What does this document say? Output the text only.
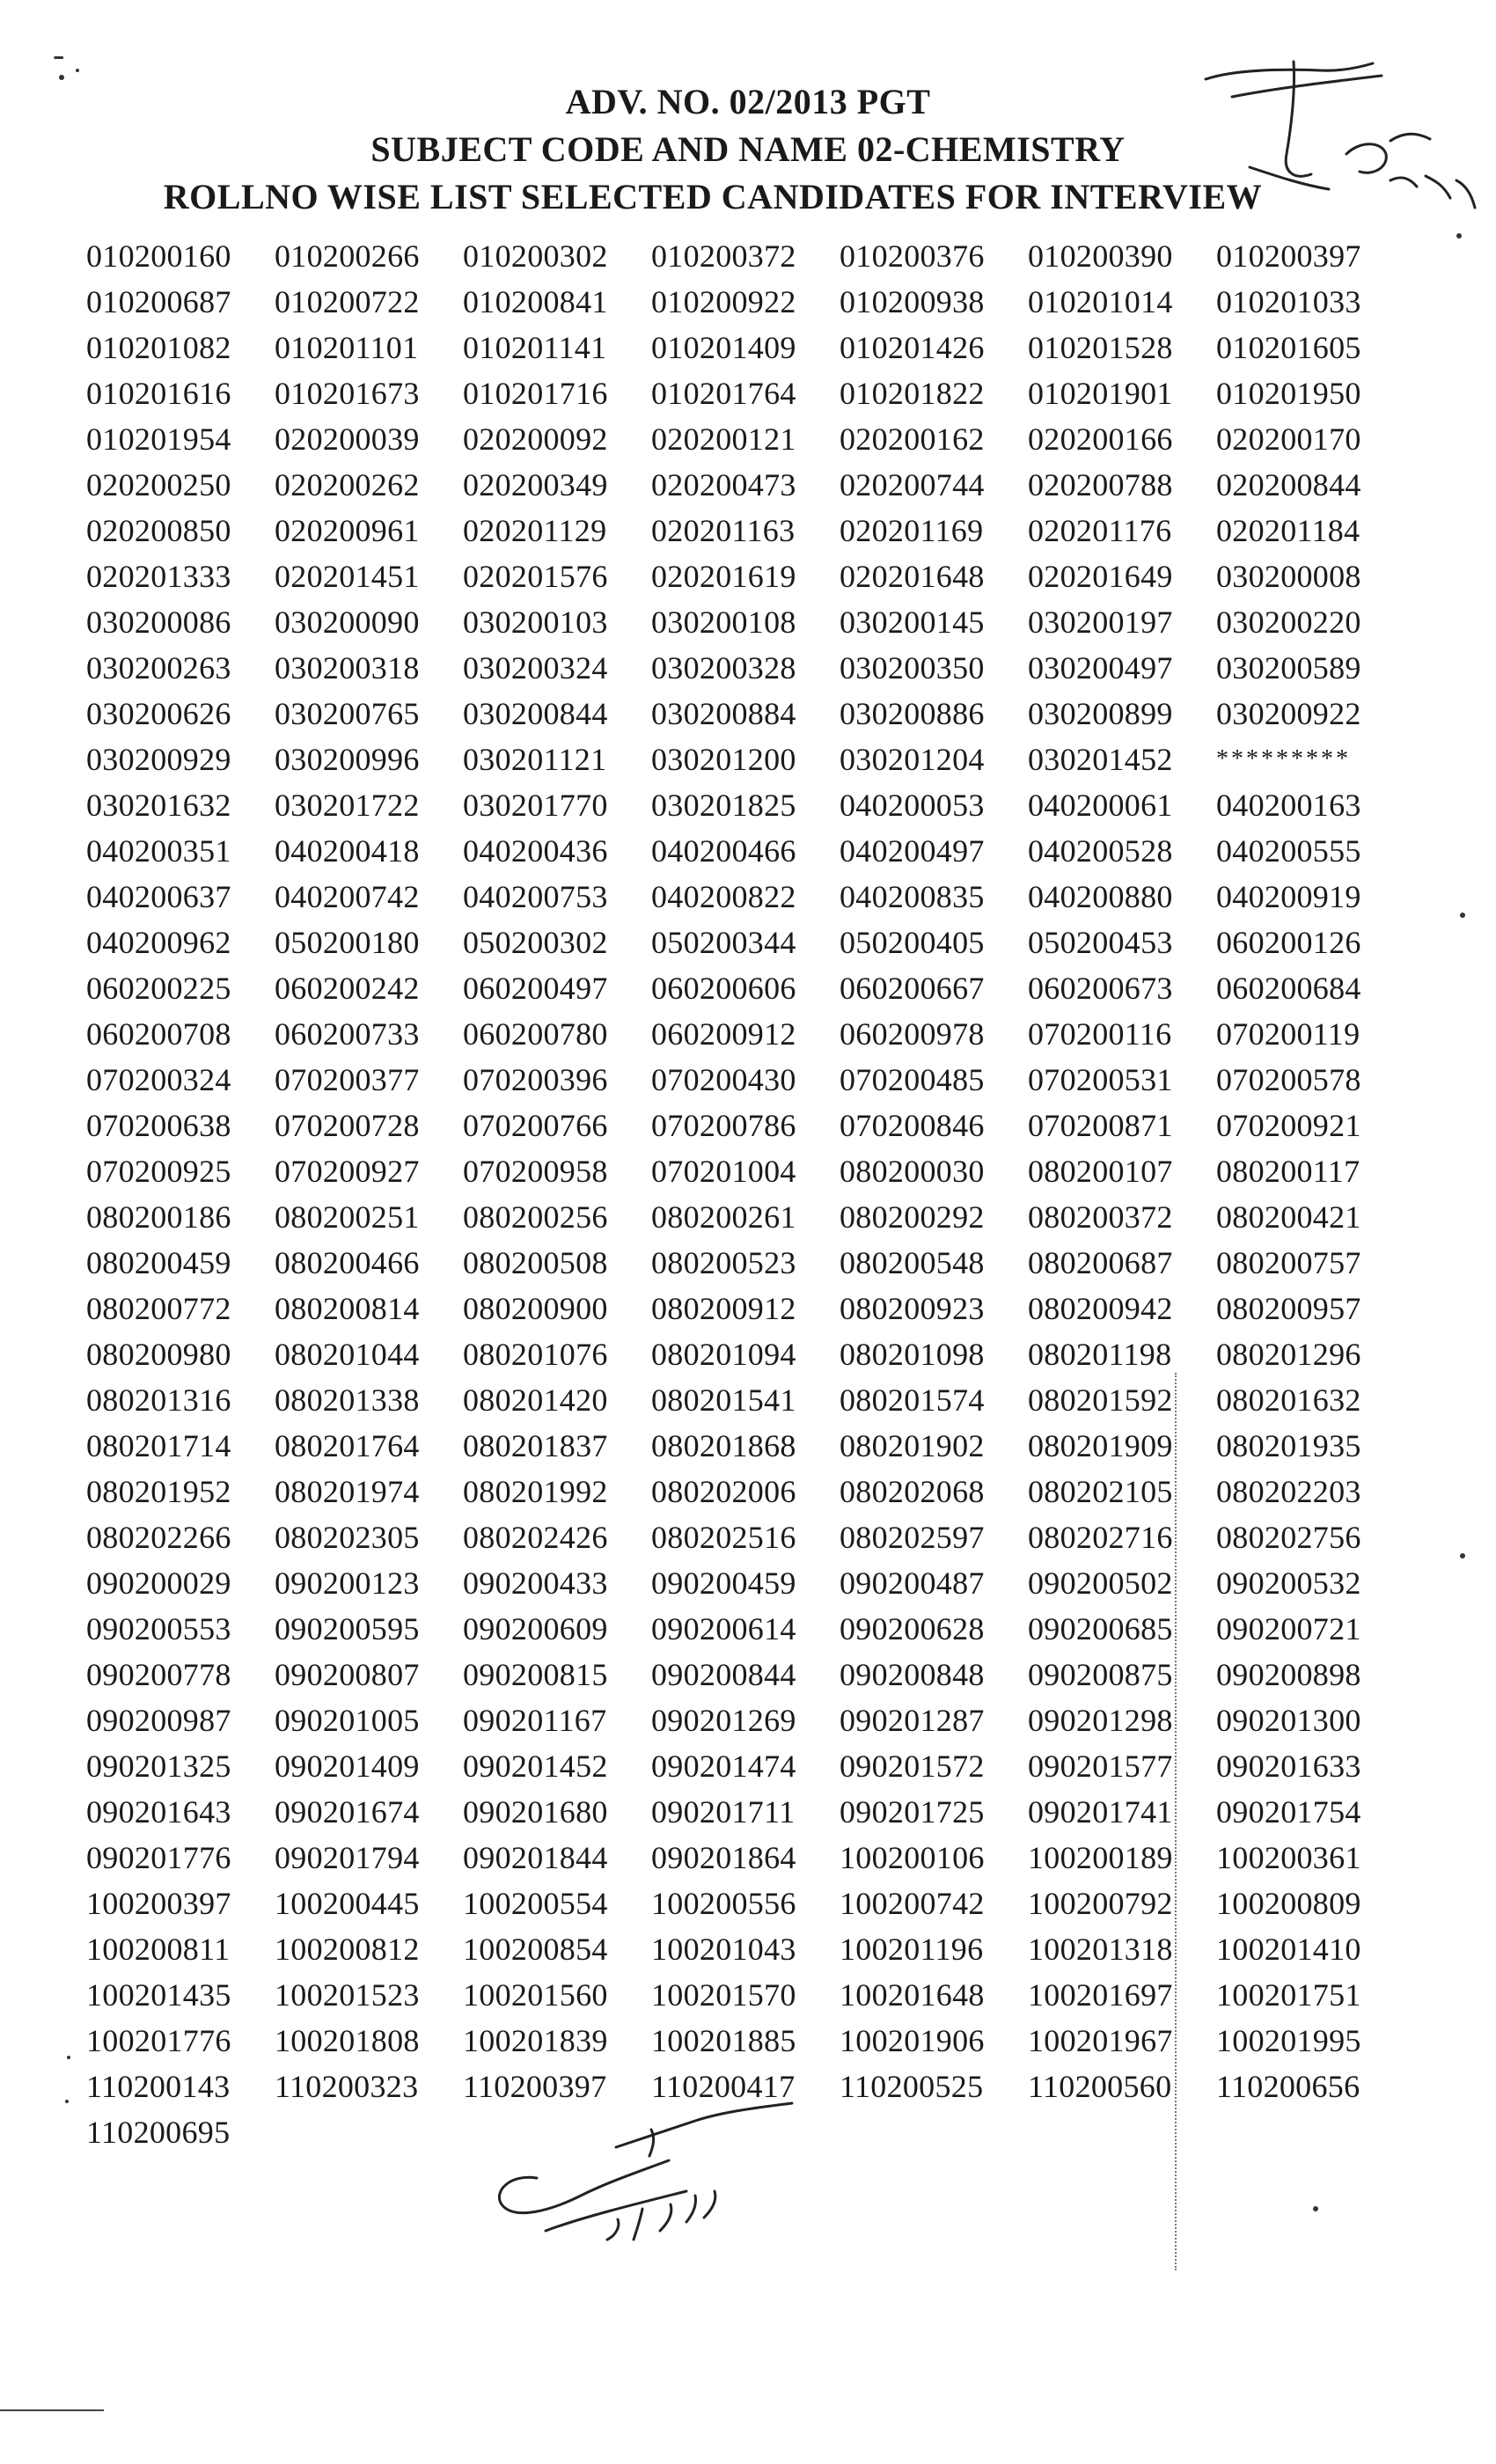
ADV. NO. 02/2013 PGT
SUBJECT CODE AND NAME 02-CHEMISTRY
ROLLNO WISE LIST SELECTED CANDIDATES FOR INTERVIEW
010200160	010200266	010200302	010200372	010200376	010200390	010200397
010200687	010200722	010200841	010200922	010200938	010201014	010201033
010201082	010201101	010201141	010201409	010201426	010201528	010201605
010201616	010201673	010201716	010201764	010201822	010201901	010201950
010201954	020200039	020200092	020200121	020200162	020200166	020200170
020200250	020200262	020200349	020200473	020200744	020200788	020200844
020200850	020200961	020201129	020201163	020201169	020201176	020201184
020201333	020201451	020201576	020201619	020201648	020201649	030200008
030200086	030200090	030200103	030200108	030200145	030200197	030200220
030200263	030200318	030200324	030200328	030200350	030200497	030200589
030200626	030200765	030200844	030200884	030200886	030200899	030200922
030200929	030200996	030201121	030201200	030201204	030201452	*********
030201632	030201722	030201770	030201825	040200053	040200061	040200163
040200351	040200418	040200436	040200466	040200497	040200528	040200555
040200637	040200742	040200753	040200822	040200835	040200880	040200919
040200962	050200180	050200302	050200344	050200405	050200453	060200126
060200225	060200242	060200497	060200606	060200667	060200673	060200684
060200708	060200733	060200780	060200912	060200978	070200116	070200119
070200324	070200377	070200396	070200430	070200485	070200531	070200578
070200638	070200728	070200766	070200786	070200846	070200871	070200921
070200925	070200927	070200958	070201004	080200030	080200107	080200117
080200186	080200251	080200256	080200261	080200292	080200372	080200421
080200459	080200466	080200508	080200523	080200548	080200687	080200757
080200772	080200814	080200900	080200912	080200923	080200942	080200957
080200980	080201044	080201076	080201094	080201098	080201198	080201296
080201316	080201338	080201420	080201541	080201574	080201592	080201632
080201714	080201764	080201837	080201868	080201902	080201909	080201935
080201952	080201974	080201992	080202006	080202068	080202105	080202203
080202266	080202305	080202426	080202516	080202597	080202716	080202756
090200029	090200123	090200433	090200459	090200487	090200502	090200532
090200553	090200595	090200609	090200614	090200628	090200685	090200721
090200778	090200807	090200815	090200844	090200848	090200875	090200898
090200987	090201005	090201167	090201269	090201287	090201298	090201300
090201325	090201409	090201452	090201474	090201572	090201577	090201633
090201643	090201674	090201680	090201711	090201725	090201741	090201754
090201776	090201794	090201844	090201864	100200106	100200189	100200361
100200397	100200445	100200554	100200556	100200742	100200792	100200809
100200811	100200812	100200854	100201043	100201196	100201318	100201410
100201435	100201523	100201560	100201570	100201648	100201697	100201751
100201776	100201808	100201839	100201885	100201906	100201967	100201995
110200143	110200323	110200397	110200417	110200525	110200560	110200656
110200695
-
